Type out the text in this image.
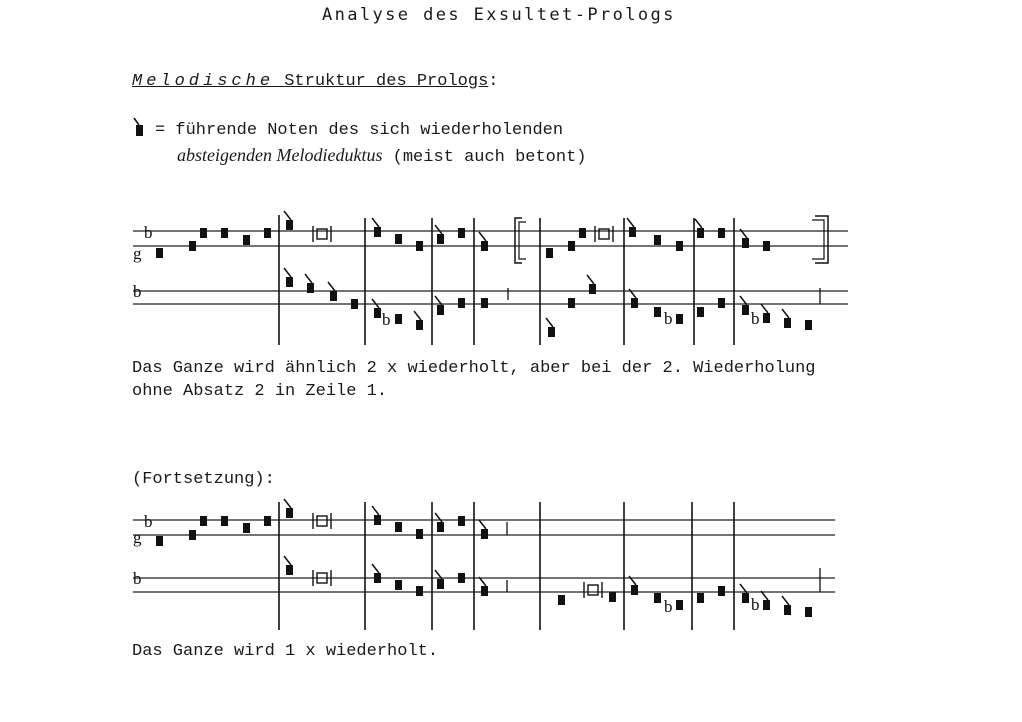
Analyse des Exsultet-Prologs
Melodische Struktur des Prologs:
= führende Noten des sich wiederholenden
absteigenden Melodieduktus (meist auch betont)
b
g
b
b	b	b
Das Ganze wird ähnlich 2 x wiederholt, aber bei der 2. Wiederholung
ohne Absatz 2 in Zeile 1.
(Fortsetzung):
b
g
b
b	b
Das Ganze wird 1 x wiederholt.
